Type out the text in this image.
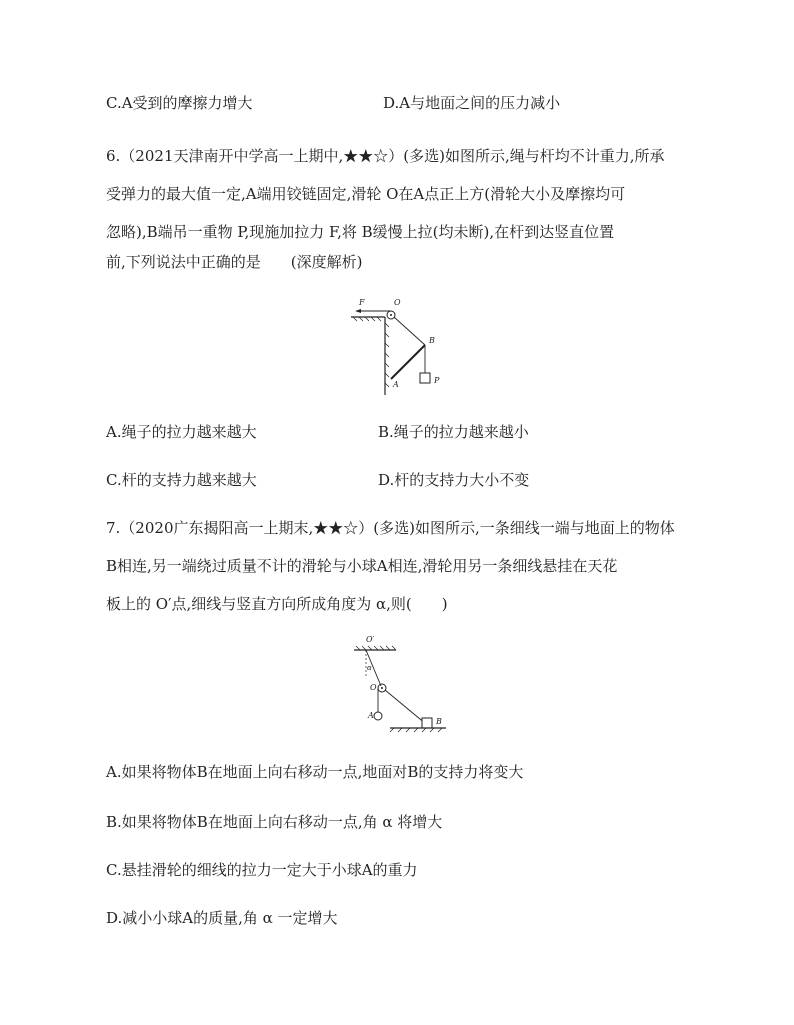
C.A受到的摩擦力增大	D.A与地面之间的压力减小
6.（2021天津南开中学高一上期中,★★☆）(多选)如图所示,绳与杆均不计重力,所承
受弹力的最大值一定,A端用铰链固定,滑轮 O在A点正上方(滑轮大小及摩擦均可
忽略),B端吊一重物 P,现施加拉力 F,将 B缓慢上拉(均未断),在杆到达竖直位置
前,下列说法中正确的是　　(深度解析)
F	O
B
A	P
A.绳子的拉力越来越大	B.绳子的拉力越来越小
C.杆的支持力越来越大	D.杆的支持力大小不变
7.（2020广东揭阳高一上期末,★★☆）(多选)如图所示,一条细线一端与地面上的物体
B相连,另一端绕过质量不计的滑轮与小球A相连,滑轮用另一条细线悬挂在天花
板上的 O′点,细线与竖直方向所成角度为 α,则(　　)
O′
α
O
A
B
A.如果将物体B在地面上向右移动一点,地面对B的支持力将变大
B.如果将物体B在地面上向右移动一点,角 α 将增大
C.悬挂滑轮的细线的拉力一定大于小球A的重力
D.减小小球A的质量,角 α 一定增大
